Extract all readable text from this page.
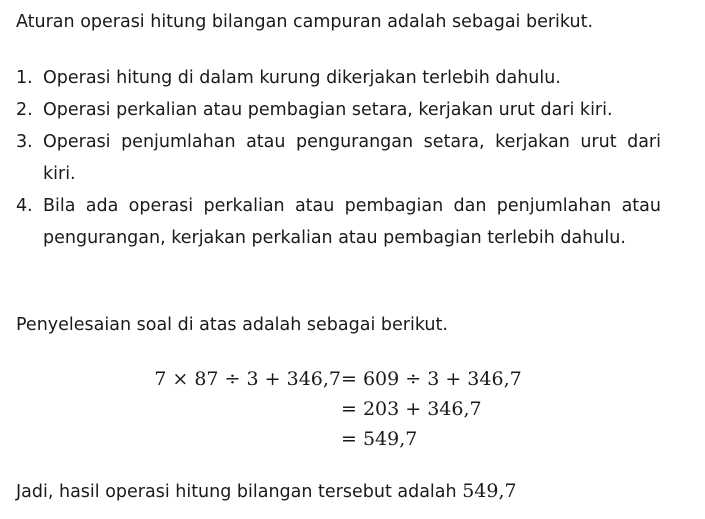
Aturan operasi hitung bilangan campuran adalah sebagai berikut.
1. Operasi hitung di dalam kurung dikerjakan terlebih dahulu.
2. Operasi perkalian atau pembagian setara, kerjakan urut dari kiri.
3. Operasi penjumlahan atau pengurangan setara, kerjakan urut dari kiri.
4. Bila ada operasi perkalian atau pembagian dan penjumlahan atau pengurangan, kerjakan perkalian atau pembagian terlebih dahulu.
Penyelesaian soal di atas adalah sebagai berikut.
7 × 87 ÷ 3 + 346,7 = 609 ÷ 3 + 346,7
= 203 + 346,7
= 549,7
Jadi, hasil operasi hitung bilangan tersebut adalah 549,7
